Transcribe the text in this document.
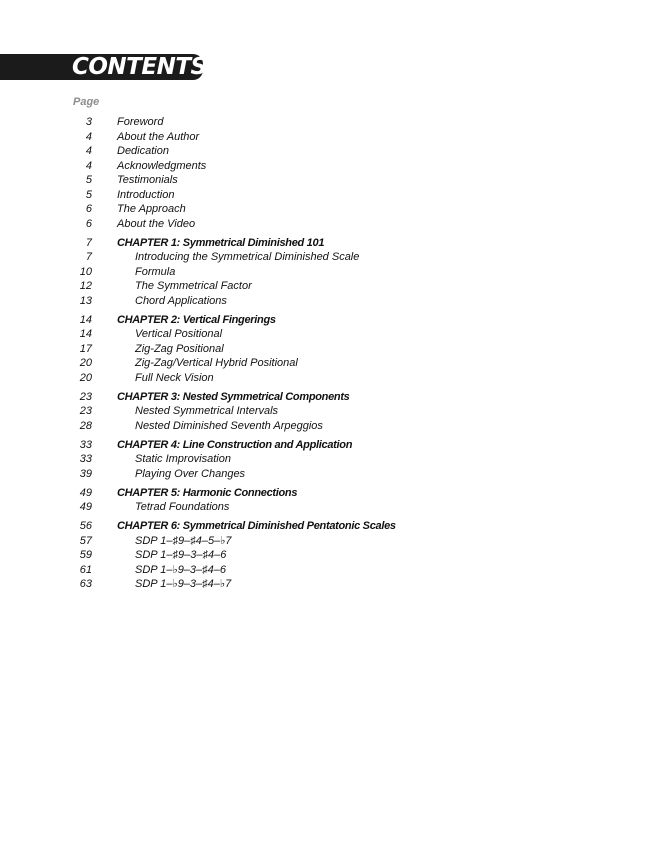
CONTENTS
Page
3 Foreword
4 About the Author
4 Dedication
4 Acknowledgments
5 Testimonials
5 Introduction
6 The Approach
6 About the Video
7 CHAPTER 1: Symmetrical Diminished 101
7	Introducing the Symmetrical Diminished Scale
10	Formula
12	The Symmetrical Factor
13	Chord Applications
14 CHAPTER 2: Vertical Fingerings
14	Vertical Positional
17	Zig-Zag Positional
20	Zig-Zag/Vertical Hybrid Positional
20	Full Neck Vision
23 CHAPTER 3: Nested Symmetrical Components
23	Nested Symmetrical Intervals
28	Nested Diminished Seventh Arpeggios
33 CHAPTER 4: Line Construction and Application
33	Static Improvisation
39	Playing Over Changes
49 CHAPTER 5: Harmonic Connections
49	Tetrad Foundations
56 CHAPTER 6: Symmetrical Diminished Pentatonic Scales
57	SDP 1–♯9–♯4–5–♭7
59	SDP 1–♯9–3–♯4–6
61	SDP 1–♭9–3–♯4–6
63	SDP 1–♭9–3–♯4–♭7
